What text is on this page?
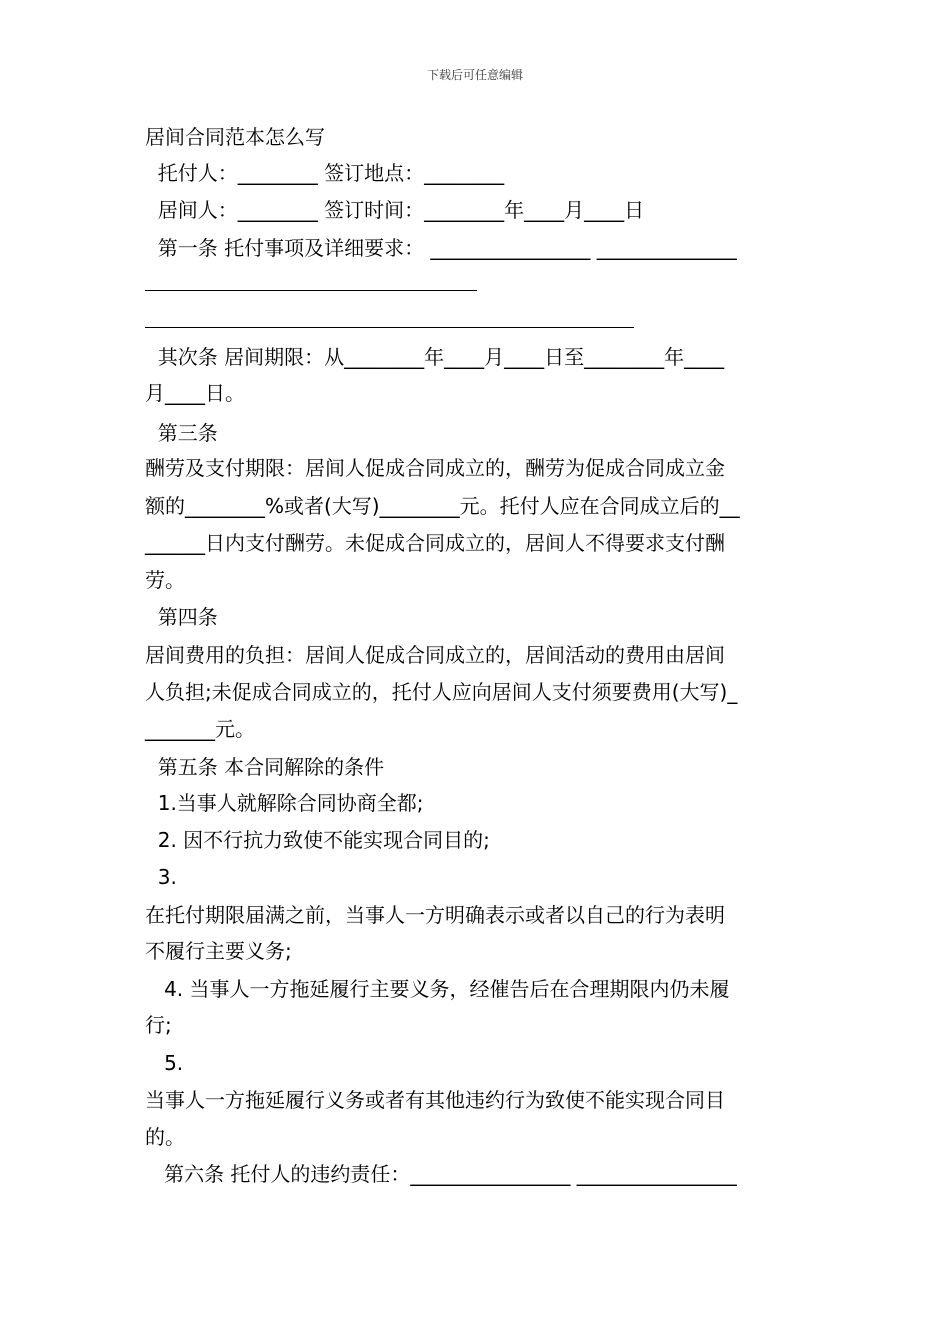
下载后可任意编辑
居间合同范本怎么写
托付人：________ 签订地点：________
居间人：________ 签订时间：________年____月____日
第一条 托付事项及详细要求： ________________ ______________
其次条 居间期限：从________年____月____日至________年____
月____日。
第三条
酬劳及支付期限：居间人促成合同成立的，酬劳为促成合同成立金
额的________%或者(大写)________元。托付人应在合同成立后的__
______日内支付酬劳。未促成合同成立的，居间人不得要求支付酬
劳。
第四条
居间费用的负担：居间人促成合同成立的，居间活动的费用由居间
人负担;未促成合同成立的，托付人应向居间人支付须要费用(大写)_
_______元。
第五条 本合同解除的条件
1.当事人就解除合同协商全都;
2. 因不行抗力致使不能实现合同目的;
3.
在托付期限届满之前，当事人一方明确表示或者以自己的行为表明
不履行主要义务;
4. 当事人一方拖延履行主要义务，经催告后在合理期限内仍未履
行;
5.
当事人一方拖延履行义务或者有其他违约行为致使不能实现合同目
的。
第六条 托付人的违约责任：________________ ________________
